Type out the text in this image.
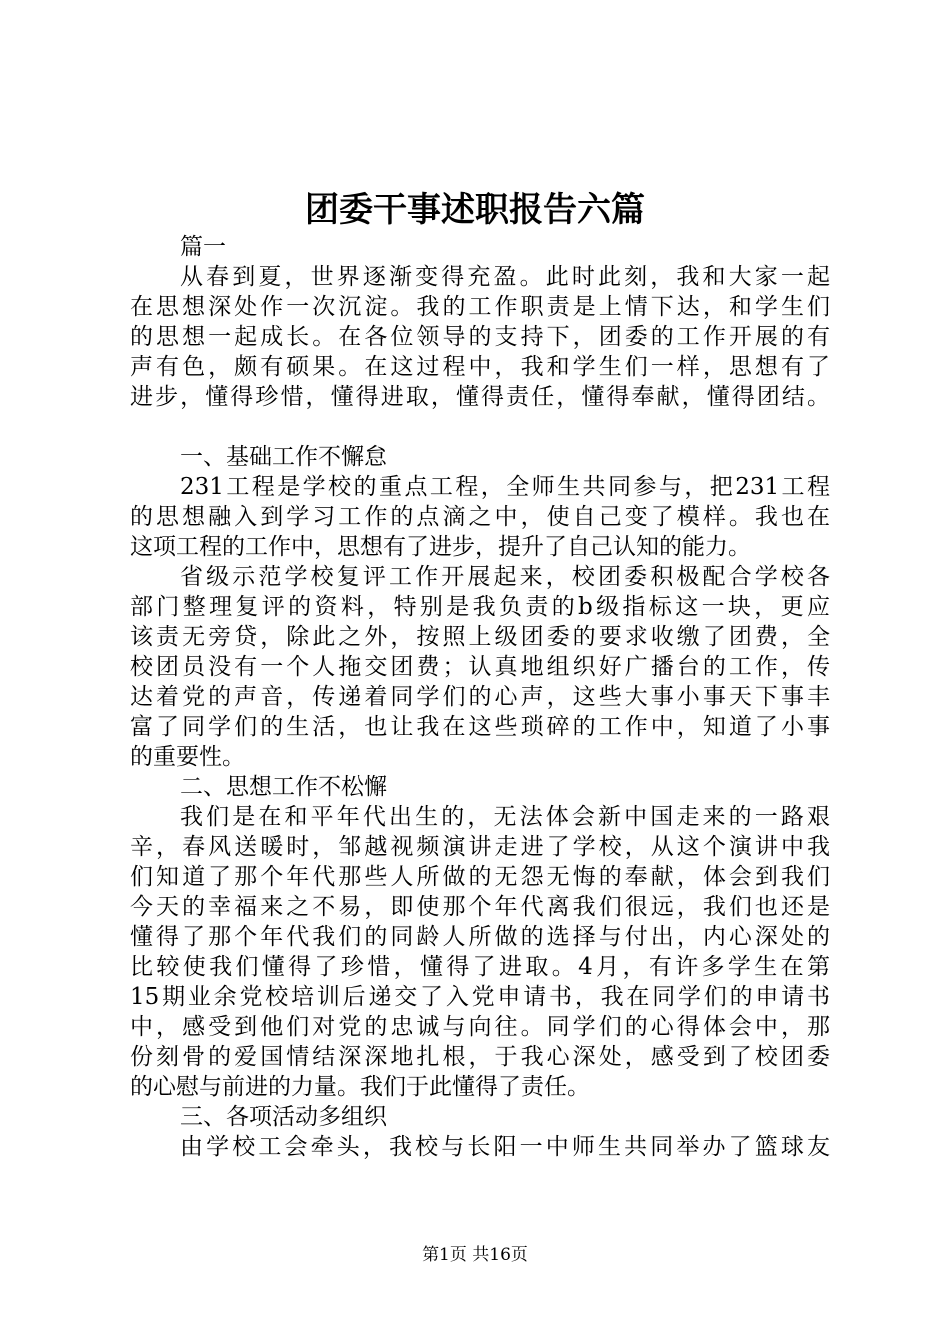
团委干事述职报告六篇
篇一
从春到夏，世界逐渐变得充盈。此时此刻，我和大家一起
在思想深处作一次沉淀。我的工作职责是上情下达，和学生们
的思想一起成长。在各位领导的支持下，团委的工作开展的有
声有色，颇有硕果。在这过程中，我和学生们一样，思想有了
进步，懂得珍惜，懂得进取，懂得责任，懂得奉献，懂得团结。
一、基础工作不懈怠
231工程是学校的重点工程，全师生共同参与，把231工程
的思想融入到学习工作的点滴之中，使自己变了模样。我也在
这项工程的工作中，思想有了进步，提升了自己认知的能力。
省级示范学校复评工作开展起来，校团委积极配合学校各
部门整理复评的资料，特别是我负责的b级指标这一块，更应
该责无旁贷，除此之外，按照上级团委的要求收缴了团费，全
校团员没有一个人拖交团费；认真地组织好广播台的工作，传
达着党的声音，传递着同学们的心声，这些大事小事天下事丰
富了同学们的生活，也让我在这些琐碎的工作中，知道了小事
的重要性。
二、思想工作不松懈
我们是在和平年代出生的，无法体会新中国走来的一路艰
辛，春风送暖时，邹越视频演讲走进了学校，从这个演讲中我
们知道了那个年代那些人所做的无怨无悔的奉献，体会到我们
今天的幸福来之不易，即使那个年代离我们很远，我们也还是
懂得了那个年代我们的同龄人所做的选择与付出，内心深处的
比较使我们懂得了珍惜，懂得了进取。4月，有许多学生在第
15期业余党校培训后递交了入党申请书，我在同学们的申请书
中，感受到他们对党的忠诚与向往。同学们的心得体会中，那
份刻骨的爱国情结深深地扎根，于我心深处，感受到了校团委
的心慰与前进的力量。我们于此懂得了责任。
三、各项活动多组织
由学校工会牵头，我校与长阳一中师生共同举办了篮球友
第1页 共16页
